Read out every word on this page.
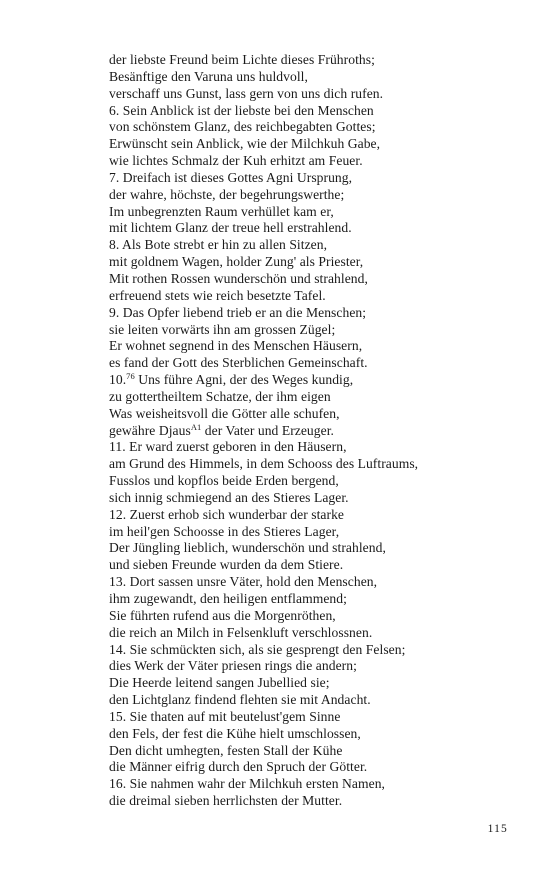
der liebste Freund beim Lichte dieses Frühroths;
Besänftige den Varuna uns huldvoll,
verschaff uns Gunst, lass gern von uns dich rufen.
6. Sein Anblick ist der liebste bei den Menschen
von schönstem Glanz, des reichbegabten Gottes;
Erwünscht sein Anblick, wie der Milchkuh Gabe,
wie lichtes Schmalz der Kuh erhitzt am Feuer.
7. Dreifach ist dieses Gottes Agni Ursprung,
der wahre, höchste, der begehrungswerthe;
Im unbegrenzten Raum verhüllet kam er,
mit lichtem Glanz der treue hell erstrahlend.
8. Als Bote strebt er hin zu allen Sitzen,
mit goldnem Wagen, holder Zung' als Priester,
Mit rothen Rossen wunderschön und strahlend,
erfreuend stets wie reich besetzte Tafel.
9. Das Opfer liebend trieb er an die Menschen;
sie leiten vorwärts ihn am grossen Zügel;
Er wohnet segnend in des Menschen Häusern,
es fand der Gott des Sterblichen Gemeinschaft.
10.76 Uns führe Agni, der des Weges kundig,
zu gottertheiltem Schatze, der ihm eigen
Was weisheitsvoll die Götter alle schufen,
gewähre Djaus$^{A1}$ der Vater und Erzeuger.
11. Er ward zuerst geboren in den Häusern,
am Grund des Himmels, in dem Schooss des Luftraums,
Fusslos und kopflos beide Erden bergend,
sich innig schmiegend an des Stieres Lager.
12. Zuerst erhob sich wunderbar der starke
im heil'gen Schoosse in des Stieres Lager,
Der Jüngling lieblich, wunderschön und strahlend,
und sieben Freunde wurden da dem Stiere.
13. Dort sassen unsre Väter, hold den Menschen,
ihm zugewandt, den heiligen entflammend;
Sie führten rufend aus die Morgenröthen,
die reich an Milch in Felsenkluft verschlossnen.
14. Sie schmückten sich, als sie gesprengt den Felsen;
dies Werk der Väter priesen rings die andern;
Die Heerde leitend sangen Jubellied sie;
den Lichtglanz findend flehten sie mit Andacht.
15. Sie thaten auf mit beutelust'gem Sinne
den Fels, der fest die Kühe hielt umschlossen,
Den dicht umhegten, festen Stall der Kühe
die Männer eifrig durch den Spruch der Götter.
16. Sie nahmen wahr der Milchkuh ersten Namen,
die dreimal sieben herrlichsten der Mutter.
115
